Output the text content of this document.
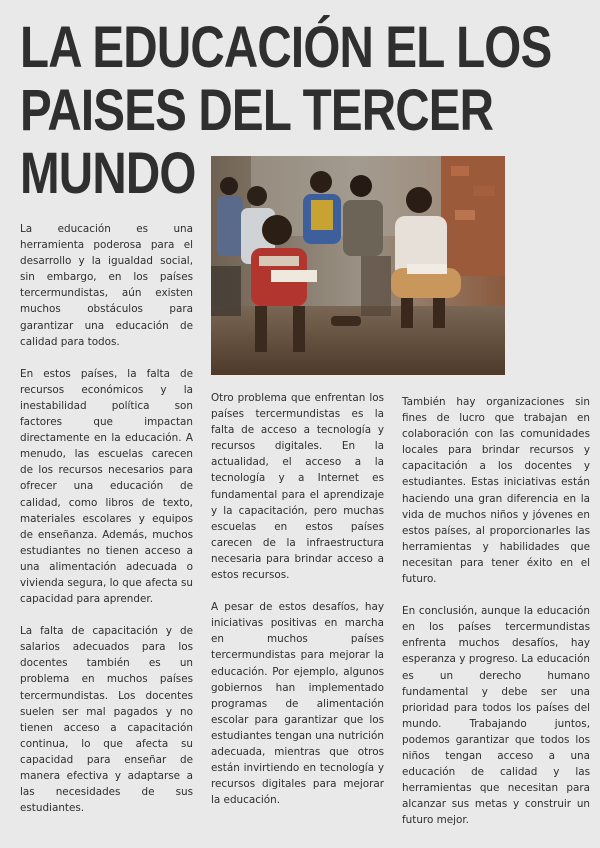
LA EDUCACIÓN EL LOS
PAISES DEL TERCER
MUNDO

La educación es una herramienta poderosa para el desarrollo y la igualdad social, sin embargo, en los países tercermundistas, aún existen muchos obstáculos para garantizar una educación de calidad para todos.

En estos países, la falta de recursos económicos y la inestabilidad política son factores que impactan directamente en la educación. A menudo, las escuelas carecen de los recursos necesarios para ofrecer una educación de calidad, como libros de texto, materiales escolares y equipos de enseñanza. Además, muchos estudiantes no tienen acceso a una alimentación adecuada o vivienda segura, lo que afecta su capacidad para aprender.

La falta de capacitación y de salarios adecuados para los docentes también es un problema en muchos países tercermundistas. Los docentes suelen ser mal pagados y no tienen acceso a capacitación continua, lo que afecta su capacidad para enseñar de manera efectiva y adaptarse a las necesidades de sus estudiantes.

Otro problema que enfrentan los países tercermundistas es la falta de acceso a tecnología y recursos digitales. En la actualidad, el acceso a la tecnología y a Internet es fundamental para el aprendizaje y la capacitación, pero muchas escuelas en estos países carecen de la infraestructura necesaria para brindar acceso a estos recursos.

A pesar de estos desafíos, hay iniciativas positivas en marcha en muchos países tercermundistas para mejorar la educación. Por ejemplo, algunos gobiernos han implementado programas de alimentación escolar para garantizar que los estudiantes tengan una nutrición adecuada, mientras que otros están invirtiendo en tecnología y recursos digitales para mejorar la educación.

También hay organizaciones sin fines de lucro que trabajan en colaboración con las comunidades locales para brindar recursos y capacitación a los docentes y estudiantes. Estas iniciativas están haciendo una gran diferencia en la vida de muchos niños y jóvenes en estos países, al proporcionarles las herramientas y habilidades que necesitan para tener éxito en el futuro.

En conclusión, aunque la educación en los países tercermundistas enfrenta muchos desafíos, hay esperanza y progreso. La educación es un derecho humano fundamental y debe ser una prioridad para todos los países del mundo. Trabajando juntos, podemos garantizar que todos los niños tengan acceso a una educación de calidad y las herramientas que necesitan para alcanzar sus metas y construir un futuro mejor.
